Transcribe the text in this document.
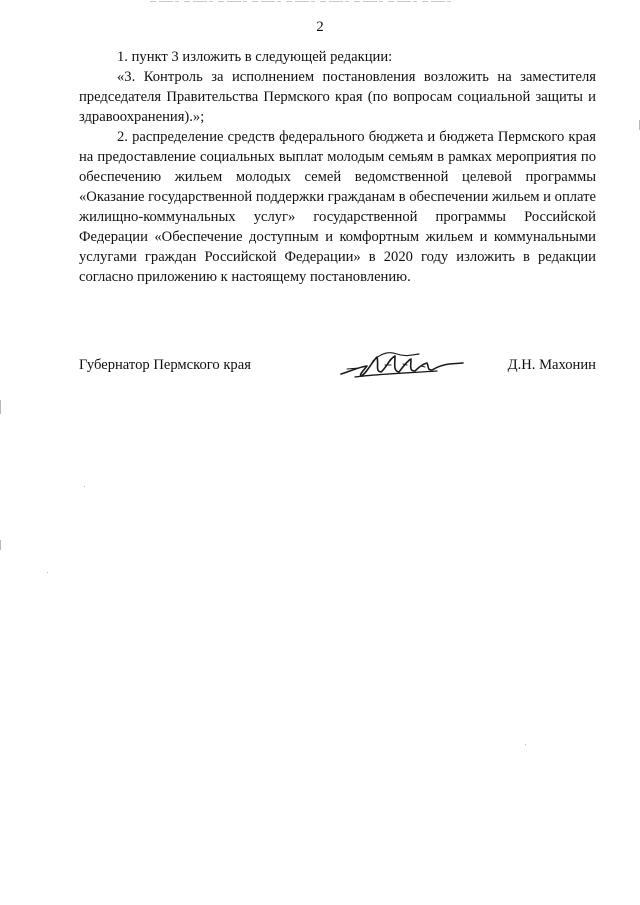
2

1. пункт 3 изложить в следующей редакции:

«3. Контроль за исполнением постановления возложить на заместителя председателя Правительства Пермского края (по вопросам социальной защиты и здравоохранения).»;

2. распределение средств федерального бюджета и бюджета Пермского края на предоставление социальных выплат молодым семьям в рамках мероприятия по обеспечению жильем молодых семей ведомственной целевой программы «Оказание государственной поддержки гражданам в обеспечении жильем и оплате жилищно-коммунальных услуг» государственной программы Российской Федерации «Обеспечение доступным и комфортным жильем и коммунальными услугами граждан Российской Федерации» в 2020 году изложить в редакции согласно приложению к настоящему постановлению.

Губернатор Пермского края	Д.Н. Махонин
